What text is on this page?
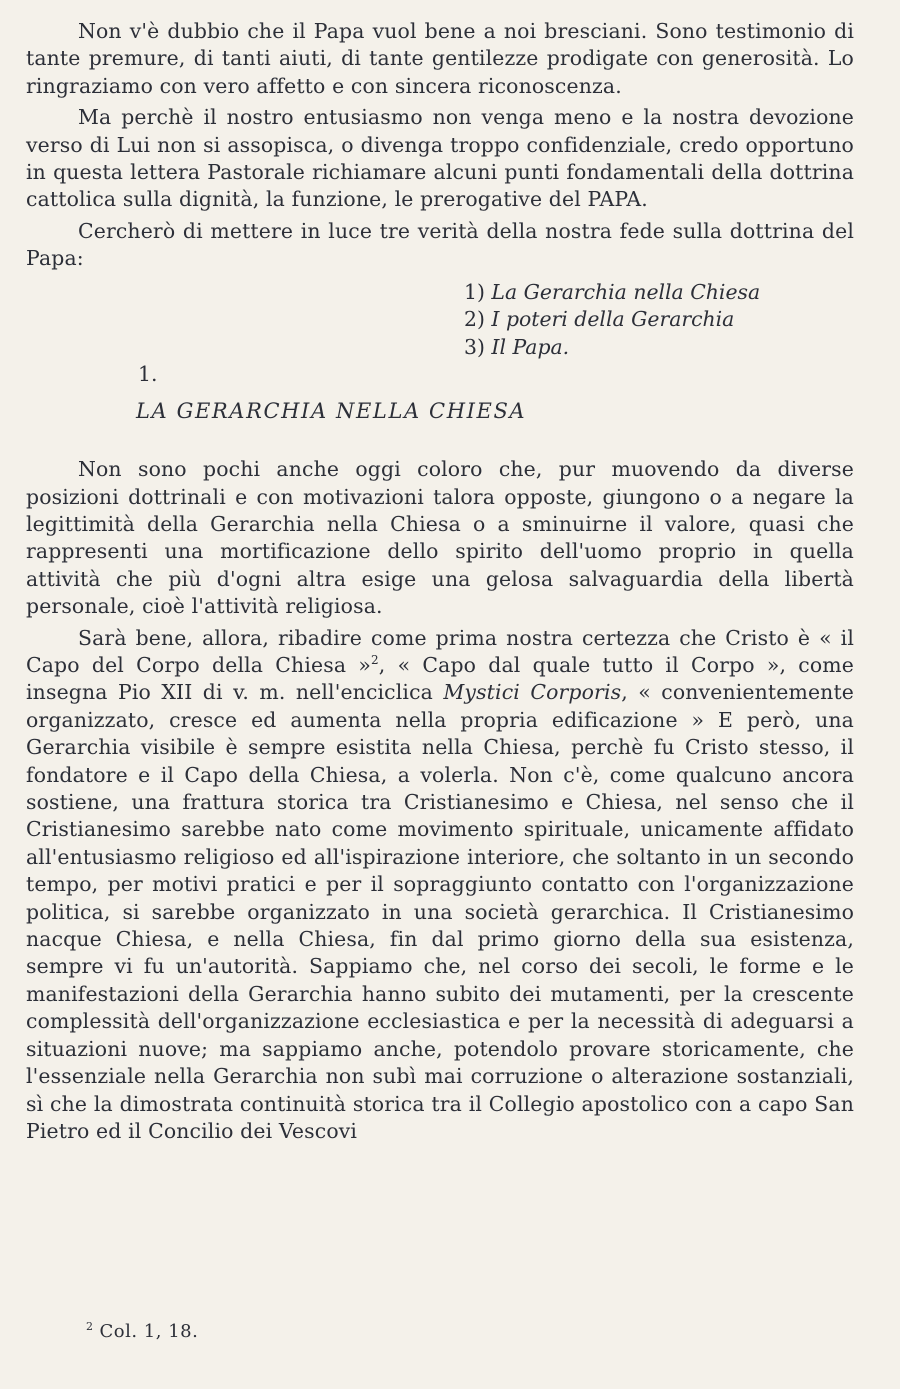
Non v'è dubbio che il Papa vuol bene a noi bresciani. Sono testimonio di tante premure, di tanti aiuti, di tante gentilezze prodigate con generosità. Lo ringraziamo con vero affetto e con sincera riconoscenza.

Ma perchè il nostro entusiasmo non venga meno e la nostra devozione verso di Lui non si assopisca, o divenga troppo confidenziale, credo opportuno in questa lettera Pastorale richiamare alcuni punti fondamentali della dottrina cattolica sulla dignità, la funzione, le prerogative del PAPA.

Cercherò di mettere in luce tre verità della nostra fede sulla dottrina del Papa:

1) La Gerarchia nella Chiesa
2) I poteri della Gerarchia
3) Il Papa.
1.
LA GERARCHIA NELLA CHIESA

Non sono pochi anche oggi coloro che, pur muovendo da diverse posizioni dottrinali e con motivazioni talora opposte, giungono o a negare la legittimità della Gerarchia nella Chiesa o a sminuirne il valore, quasi che rappresenti una mortificazione dello spirito dell'uomo proprio in quella attività che più d'ogni altra esige una gelosa salvaguardia della libertà personale, cioè l'attività religiosa.

Sarà bene, allora, ribadire come prima nostra certezza che Cristo è « il Capo del Corpo della Chiesa »$^2$, « Capo dal quale tutto il Corpo », come insegna Pio XII di v. m. nell'enciclica Mystici Corporis, « convenientemente organizzato, cresce ed aumenta nella propria edificazione » E però, una Gerarchia visibile è sempre esistita nella Chiesa, perchè fu Cristo stesso, il fondatore e il Capo della Chiesa, a volerla. Non c'è, come qualcuno ancora sostiene, una frattura storica tra Cristianesimo e Chiesa, nel senso che il Cristianesimo sarebbe nato come movimento spirituale, unicamente affidato all'entusiasmo religioso ed all'ispirazione interiore, che soltanto in un secondo tempo, per motivi pratici e per il sopraggiunto contatto con l'organizzazione politica, si sarebbe organizzato in una società gerarchica. Il Cristianesimo nacque Chiesa, e nella Chiesa, fin dal primo giorno della sua esistenza, sempre vi fu un'autorità. Sappiamo che, nel corso dei secoli, le forme e le manifestazioni della Gerarchia hanno subito dei mutamenti, per la crescente complessità dell'organizzazione ecclesiastica e per la necessità di adeguarsi a situazioni nuove; ma sappiamo anche, potendolo provare storicamente, che l'essenziale nella Gerarchia non subì mai corruzione o alterazione sostanziali, sì che la dimostrata continuità storica tra il Collegio apostolico con a capo San Pietro ed il Concilio dei Vescovi

$^2$ Col. 1, 18.
